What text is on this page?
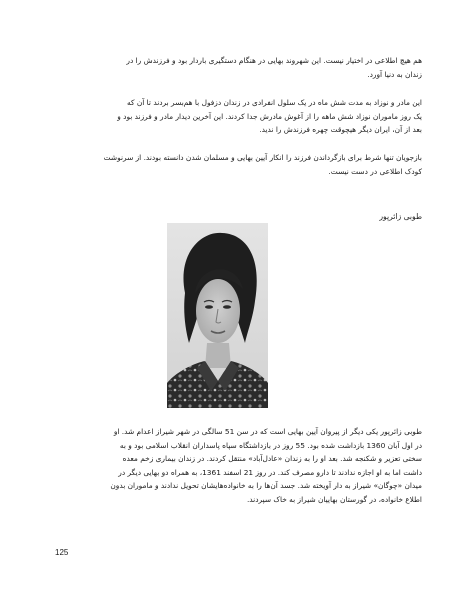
هم هیچ اطلاعی در اختیار نیست. این شهروند بهایی در هنگام دستگیری باردار بود و فرزندش را در
زندان به دنیا آورد.

این مادر و نوزاد به مدت شش ماه در یک سلول انفرادی در زندان دزفول با هم‌بسر بردند تا آن که
یک روز ماموران نوزاد شش ماهه را از آغوش مادرش جدا کردند. این آخرین دیدار مادر و فرزند بود و
بعد از آن، ایران دیگر هیچوقت چهره فرزندش را ندید.

بازجویان تنها شرط برای بازگرداندن فرزند را انکار آیین بهایی و مسلمان شدن دانسته بودند. از سرنوشت
کودک اطلاعی در دست نیست.

طوبی زائرپور

طوبی زائرپور یکی دیگر از پیروان آیین بهایی است که در سن 51 سالگی در شهر شیراز اعدام شد. او
در اول آبان 1360 بازداشت شده بود. 55 روز در بازداشتگاه سپاه پاسداران انقلاب اسلامی بود و به
سختی تعزیر و شکنجه شد. بعد او را به زندان «عادل‌آباد» منتقل کردند. در زندان بیماری زخم معده
داشت اما به او اجازه ندادند تا دارو مصرف کند. در روز 21 اسفند 1361، به همراه دو بهایی دیگر در
میدان «چوگان» شیراز به دار آویخته شد. جسد آن‌ها را به خانواده‌هایشان تحویل ندادند و ماموران بدون
اطلاع خانواده، در گورستان بهاییان شیراز به خاک سپردند.

125
